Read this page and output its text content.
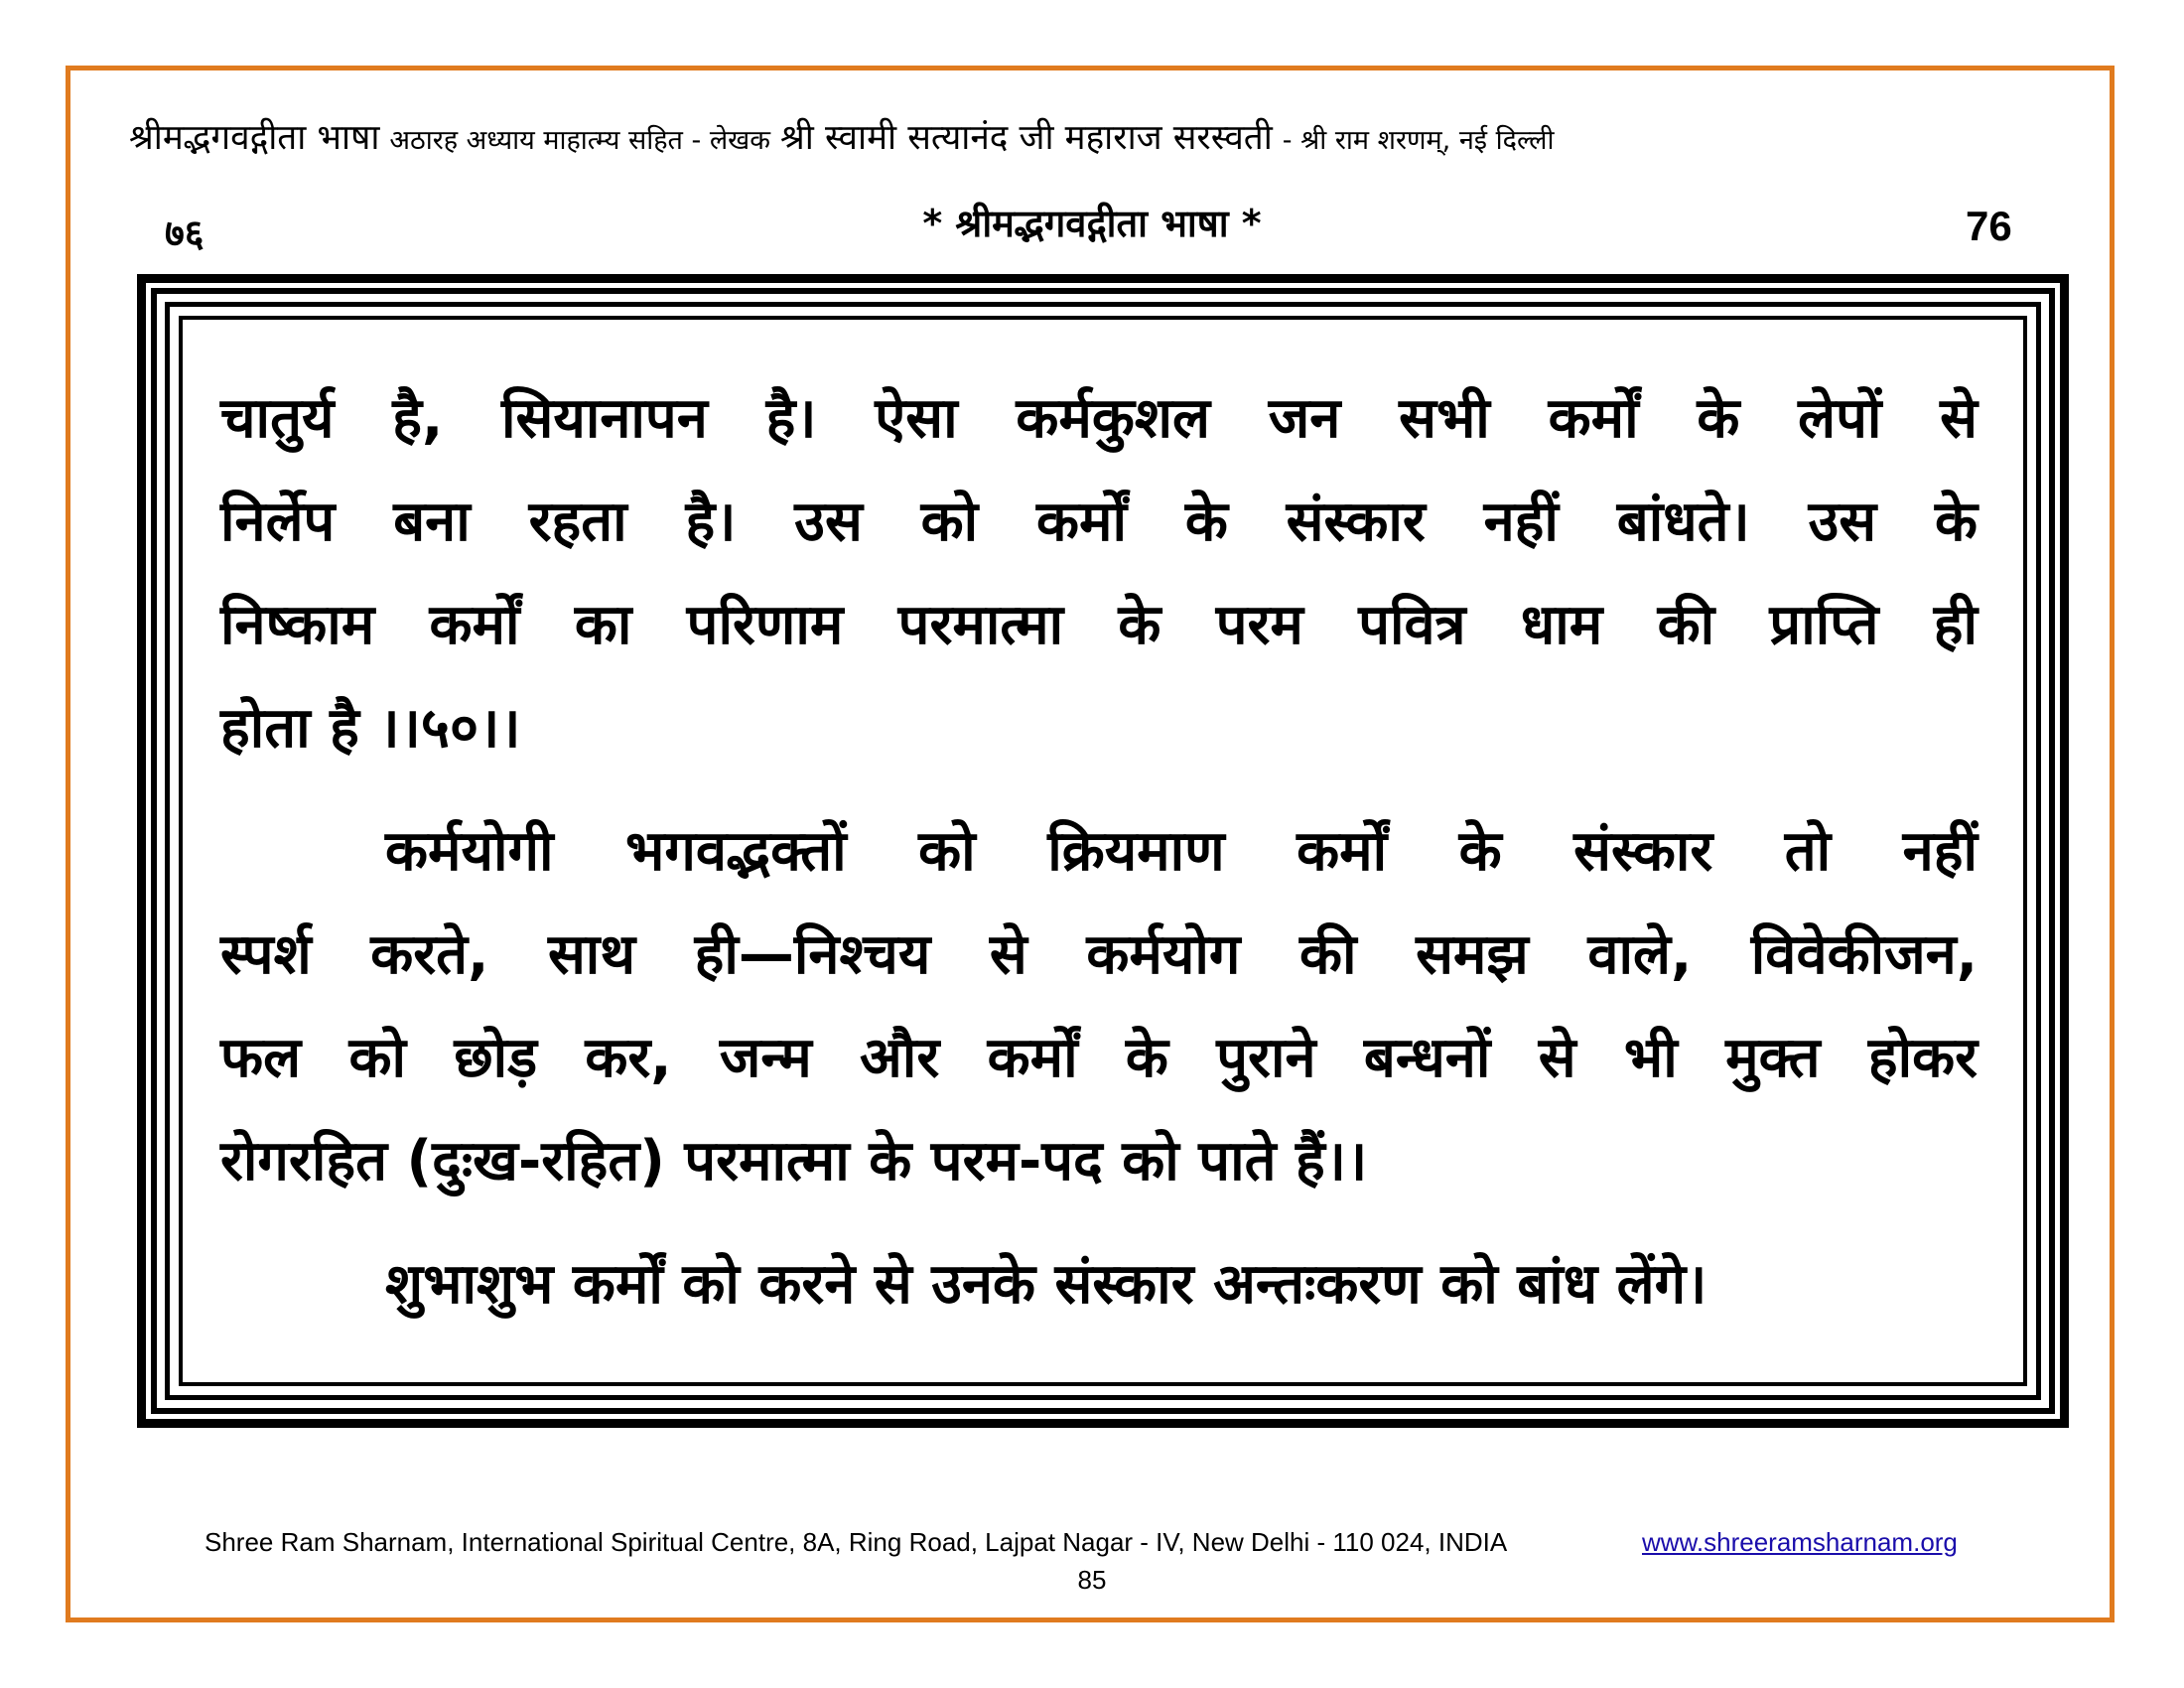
श्रीमद्भगवद्गीता भाषा अठारह अध्याय माहात्म्य सहित - लेखक श्री स्वामी सत्यानंद जी महाराज सरस्वती - श्री राम शरणम्, नई दिल्ली
७६	* श्रीमद्भगवद्गीता भाषा *	76

चातुर्य है, सियानापन है। ऐसा कर्मकुशल जन सभी कर्मों के लेपों से

निर्लेप बना रहता है। उस को कर्मों के संस्कार नहीं बांधते। उस के

निष्काम कर्मों का परिणाम परमात्मा के परम पवित्र धाम की प्राप्ति ही

होता है ।।५०।।

कर्मयोगी भगवद्भक्तों को क्रियमाण कर्मों के संस्कार तो नहीं

स्पर्श करते, साथ ही—निश्चय से कर्मयोग की समझ वाले, विवेकीजन,

फल को छोड़ कर, जन्म और कर्मों के पुराने बन्धनों से भी मुक्त होकर

रोगरहित (दुःख-रहित) परमात्मा के परम-पद को पाते हैं।।

शुभाशुभ कर्मों को करने से उनके संस्कार अन्तःकरण को बांध लेंगे।

Shree Ram Sharnam, International Spiritual Centre, 8A, Ring Road, Lajpat Nagar - IV, New Delhi - 110 024, INDIA	www.shreeramsharnam.org
85
